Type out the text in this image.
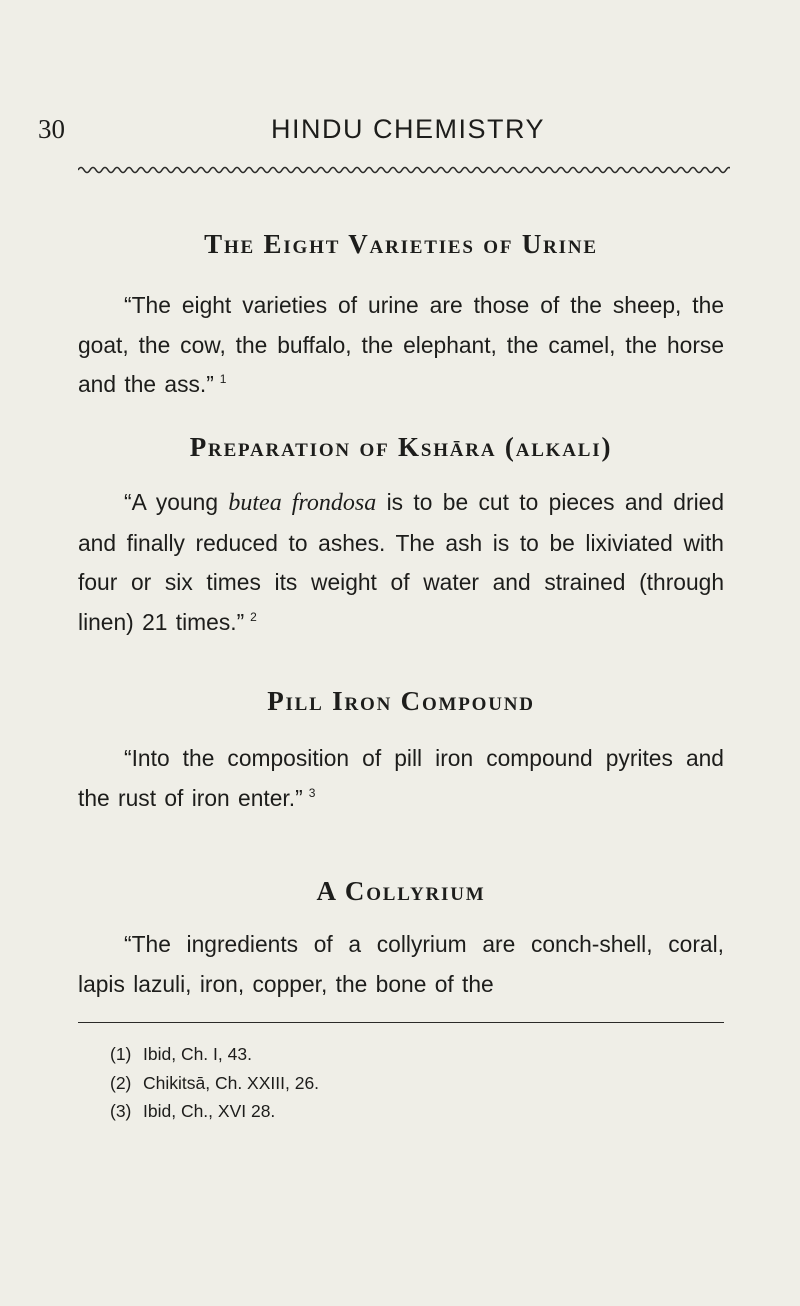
30	HINDU CHEMISTRY
The Eight Varieties of Urine

“The eight varieties of urine are those of the sheep, the goat, the cow, the buffalo, the elephant, the camel, the horse and the ass.” $^1$

Preparation of Kshāra (alkali)

“A young butea frondosa is to be cut to pieces and dried and finally reduced to ashes. The ash is to be lixiviated with four or six times its weight of water and strained (through linen) 21 times.” $^2$

Pill Iron Compound

“Into the composition of pill iron compound pyrites and the rust of iron enter.” $^3$

A Collyrium

“The ingredients of a collyrium are conch-shell, coral, lapis lazuli, iron, copper, the bone of the

(1) Ibid, Ch. I, 43.
(2) Chikitsā, Ch. XXIII, 26.
(3) Ibid, Ch., XVI 28.
